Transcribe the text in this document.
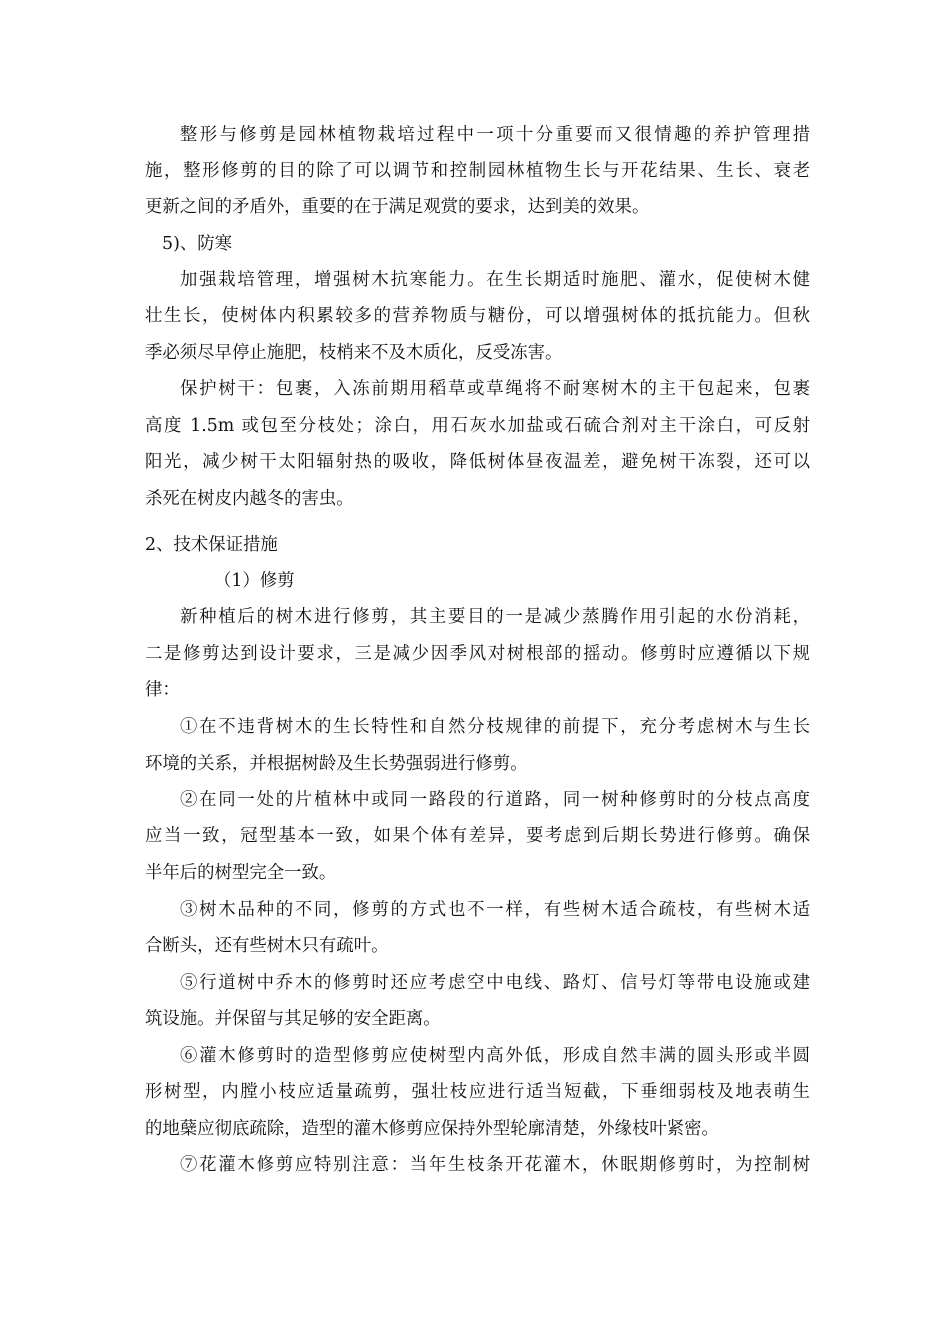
整形与修剪是园林植物栽培过程中一项十分重要而又很情趣的养护管理措
施，整形修剪的目的除了可以调节和控制园林植物生长与开花结果、生长、衰老
更新之间的矛盾外，重要的在于满足观赏的要求，达到美的效果。
5)、防寒
加强栽培管理，增强树木抗寒能力。在生长期适时施肥、灌水，促使树木健
壮生长，使树体内积累较多的营养物质与糖份，可以增强树体的抵抗能力。但秋
季必须尽早停止施肥，枝梢来不及木质化，反受冻害。
保护树干：包裹，入冻前期用稻草或草绳将不耐寒树木的主干包起来，包裹
高度 1.5m 或包至分枝处；涂白，用石灰水加盐或石硫合剂对主干涂白，可反射
阳光，减少树干太阳辐射热的吸收，降低树体昼夜温差，避免树干冻裂，还可以
杀死在树皮内越冬的害虫。
2、技术保证措施
（1）修剪
新种植后的树木进行修剪，其主要目的一是减少蒸腾作用引起的水份消耗，
二是修剪达到设计要求，三是减少因季风对树根部的摇动。修剪时应遵循以下规
律：
①在不违背树木的生长特性和自然分枝规律的前提下，充分考虑树木与生长
环境的关系，并根据树龄及生长势强弱进行修剪。
②在同一处的片植林中或同一路段的行道路，同一树种修剪时的分枝点高度
应当一致，冠型基本一致，如果个体有差异，要考虑到后期长势进行修剪。确保
半年后的树型完全一致。
③树木品种的不同，修剪的方式也不一样，有些树木适合疏枝，有些树木适
合断头，还有些树木只有疏叶。
⑤行道树中乔木的修剪时还应考虑空中电线、路灯、信号灯等带电设施或建
筑设施。并保留与其足够的安全距离。
⑥灌木修剪时的造型修剪应使树型内高外低，形成自然丰满的圆头形或半圆
形树型，内膛小枝应适量疏剪，强壮枝应进行适当短截，下垂细弱枝及地表萌生
的地蘖应彻底疏除，造型的灌木修剪应保持外型轮廓清楚，外缘枝叶紧密。
⑦花灌木修剪应特别注意：当年生枝条开花灌木，休眠期修剪时，为控制树
